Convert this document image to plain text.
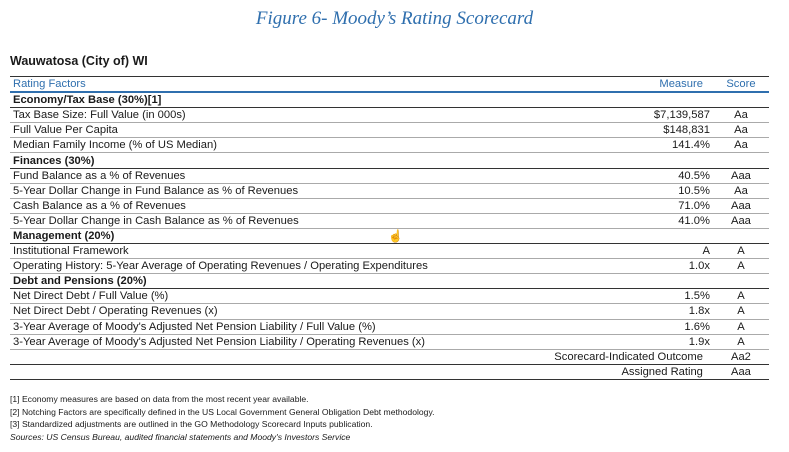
Figure 6- Moody’s Rating Scorecard
Wauwatosa (City of) WI
Rating Factors	Measure	Score
Economy/Tax Base (30%)[1]		
Tax Base Size: Full Value (in 000s)	$7,139,587	Aa
Full Value Per Capita	$148,831	Aa
Median Family Income (% of US Median)	141.4%	Aa
Finances (30%)		
Fund Balance as a % of Revenues	40.5%	Aaa
5-Year Dollar Change in Fund Balance as % of Revenues	10.5%	Aa
Cash Balance as a % of Revenues	71.0%	Aaa
5-Year Dollar Change in Cash Balance as % of Revenues	41.0%	Aaa
Management (20%)		
Institutional Framework	A	A
Operating History: 5-Year Average of Operating Revenues / Operating Expenditures	1.0x	A
Debt and Pensions (20%)		
Net Direct Debt / Full Value (%)	1.5%	A
Net Direct Debt / Operating Revenues (x)	1.8x	A
3-Year Average of Moody's Adjusted Net Pension Liability / Full Value (%)	1.6%	A
3-Year Average of Moody's Adjusted Net Pension Liability / Operating Revenues (x)	1.9x	A
Scorecard-Indicated Outcome		Aa2
Assigned Rating		Aaa
☝
[1] Economy measures are based on data from the most recent year available.
[2] Notching Factors are specifically defined in the US Local Government General Obligation Debt methodology.
[3] Standardized adjustments are outlined in the GO Methodology Scorecard Inputs publication.
Sources: US Census Bureau, audited financial statements and Moody's Investors Service
